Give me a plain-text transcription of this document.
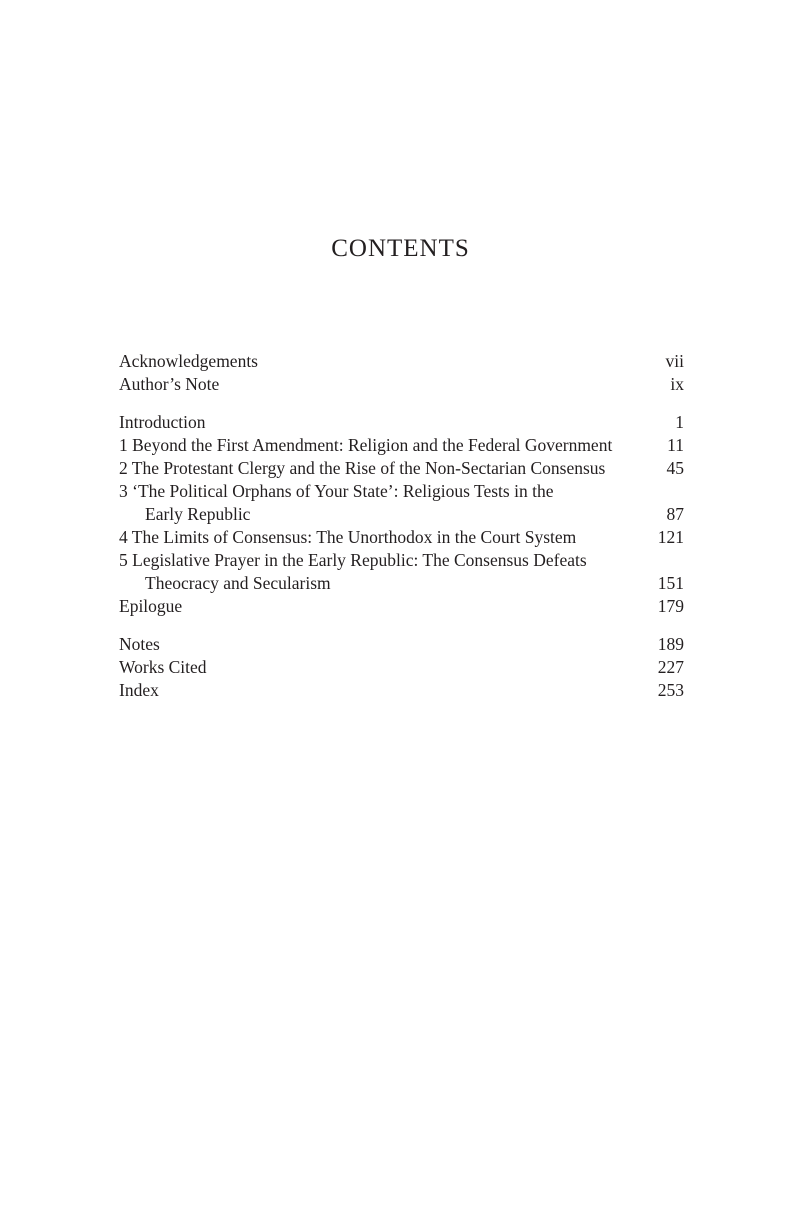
CONTENTS
Acknowledgements	vii
Author’s Note	ix
Introduction	1
1 Beyond the First Amendment: Religion and the Federal Government	11
2 The Protestant Clergy and the Rise of the Non-Sectarian Consensus	45
3 ‘The Political Orphans of Your State’: Religious Tests in the
Early Republic	87
4 The Limits of Consensus: The Unorthodox in the Court System	121
5 Legislative Prayer in the Early Republic: The Consensus Defeats
Theocracy and Secularism	151
Epilogue	179
Notes	189
Works Cited	227
Index	253
